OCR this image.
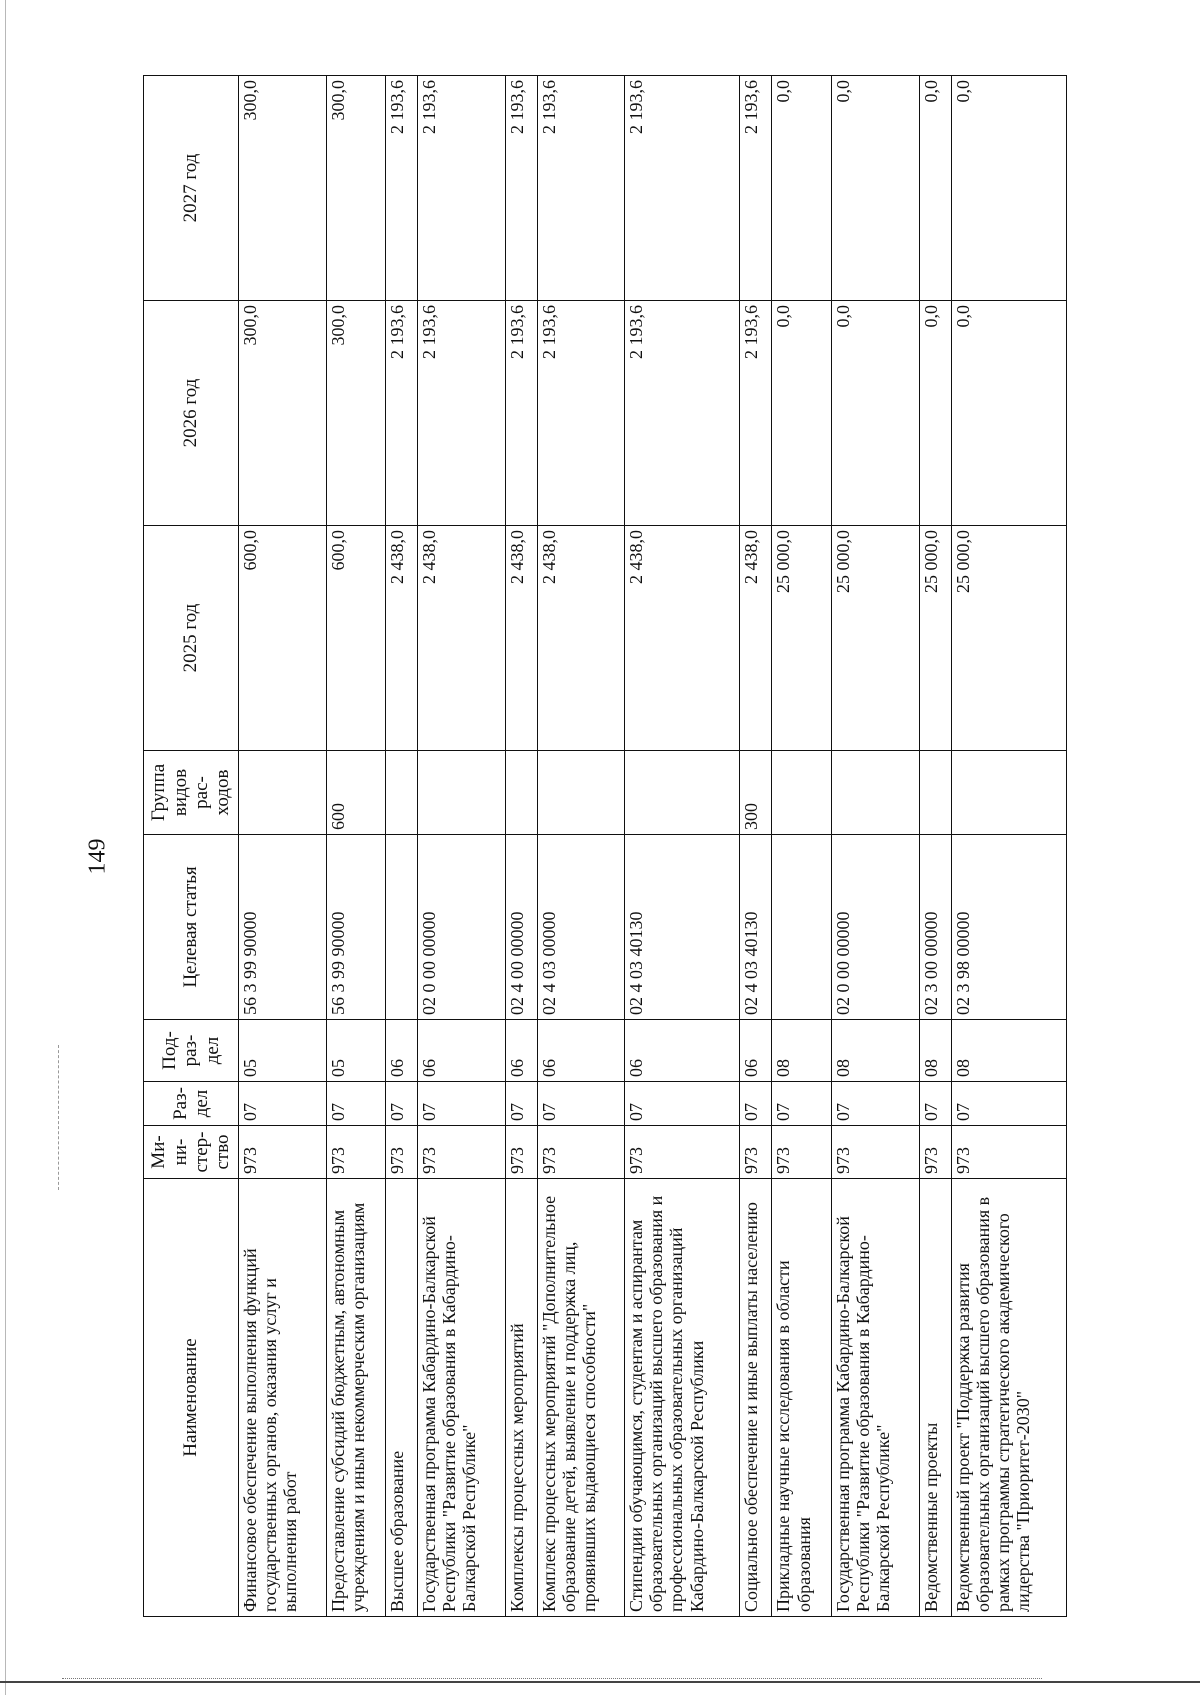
149
Наименование	Ми-ни-стер-ство	Раз-дел	Под-раз-дел	Целевая статья	Группа видов рас-ходов	2025 год	2026 год	2027 год
Финансовое обеспечение выполнения функций государственных органов, оказания услуг и выполнения работ	973	07	05	56 3 99 90000		600,0	300,0	300,0
Предоставление субсидий бюджетным, автономным учреждениям и иным некоммерческим организациям	973	07	05	56 3 99 90000	600	600,0	300,0	300,0
Высшее образование	973	07	06			2 438,0	2 193,6	2 193,6
Государственная программа Кабардино-Балкарской Республики "Развитие образования в Кабардино-Балкарской Республике"	973	07	06	02 0 00 00000		2 438,0	2 193,6	2 193,6
Комплексы процессных мероприятий	973	07	06	02 4 00 00000		2 438,0	2 193,6	2 193,6
Комплекс процессных мероприятий "Дополнительное образование детей, выявление и поддержка лиц, проявивших выдающиеся способности"	973	07	06	02 4 03 00000		2 438,0	2 193,6	2 193,6
Стипендии обучающимся, студентам и аспирантам образовательных организаций высшего образования и профессиональных образовательных организаций Кабардино-Балкарской Республики	973	07	06	02 4 03 40130		2 438,0	2 193,6	2 193,6
Социальное обеспечение и иные выплаты населению	973	07	06	02 4 03 40130	300	2 438,0	2 193,6	2 193,6
Прикладные научные исследования в области образования	973	07	08			25 000,0	0,0	0,0
Государственная программа Кабардино-Балкарской Республики "Развитие образования в Кабардино-Балкарской Республике"	973	07	08	02 0 00 00000		25 000,0	0,0	0,0
Ведомственные проекты	973	07	08	02 3 00 00000		25 000,0	0,0	0,0
Ведомственный проект "Поддержка развития образовательных организаций высшего образования в рамках программы стратегического академического лидерства "Приоритет-2030"	973	07	08	02 3 98 00000		25 000,0	0,0	0,0
